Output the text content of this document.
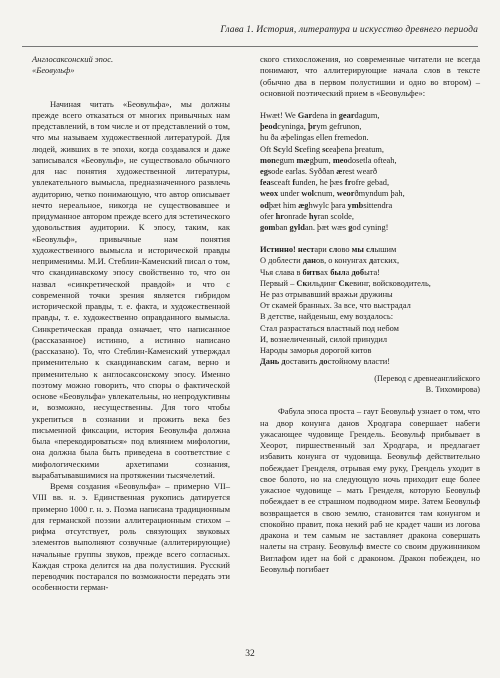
Глава 1. История, литература и искусство древнего периода

Англосаксонский эпос.

«Беовульф»

Начиная читать «Беовульфа», мы должны прежде всего отказаться от многих привычных нам представлений, в том числе и от представлений о том, что мы называем художественной литературой. Для людей, живших в те эпохи, когда создавался и даже записывался «Беовульф», не существовало обычного для нас понятия художественной литературы, увлекательного вымысла, предназначенного развлечь аудиторию, четко понимающую, что автор описывает нечто нереальное, никогда не существовавшее и придуманное автором прежде всего для эстетического удовольствия аудитории. К эпосу, таким, как «Беовульф», привычные нам понятия художественного вымысла и исторической правды неприменимы. М.И. Стеблин-Каменский писал о том, что скандинавскому эпосу свойственно то, что он назвал «синкретической правдой» и что с современной точки зрения является гибридом исторической правды, т. е. факта, и художественной правды, т. е. художественно оправданного вымысла. Синкретическая правда означает, что написанное (рассказанное) истинно, а истинно написано (рассказано). То, что Стеблин-Каменский утверждал применительно к скандинавским сагам, верно и применительно к англосаксонскому эпосу. Именно поэтому можно говорить, что споры о фактической основе «Беовульфа» увлекательны, но непродуктивны и, возможно, несущественны. Для того чтобы укрепиться в сознании и прожить века без письменной фиксации, история Беовульфа должна была «перекодироваться» под влиянием мифологии, она должна была быть приведена в соответствие с мифологическими архетипами сознания, вырабатывавшимися на протяжении тысячелетий.

Время создания «Беовульфа» – примерно VII–VIII вв. н. э. Единственная рукопись датируется примерно 1000 г. н. э. Поэма написана традиционным для германской поэзии аллитерационным стихом – рифма отсутствует, роль связующих звуковых элементов выполняют созвучные (аллитерирующие) начальные группы звуков, прежде всего согласных. Каждая строка делится на два полустишия. Русский переводчик постарался по возможности передать эти особенности герман-

ского стихосложения, но современные читатели не всегда понимают, что аллитерирующие начала слов в тексте (обычно два в первом полустишии и одно во втором) – основной поэтический прием в «Беовульфе»:

Hwæt! We Gardena in geardagum,
þeodcyninga, þrym gefrunon,
hu ða æþelingas ellen fremedon.
Oft Scyld Scefing sceaþena þreatum,
monegum mægþum, meodosetla ofteah,
egsode earlas. Syððan ærest wearð
feasceaft funden, he þæs frofre gebad,
weox under wolcnum, weorðmyndum þah,
odþæt him æghwylc þara ymbsittendra
ofer hronrade hyran scolde,
gomban gyldan. þæt wæs god cyning!
Истинно! нестари слово мы слышим
О доблести данов, о конунгах датских,
Чья слава в битвах была добыта!
Первый – Скильдинг Скевинг, войсководитель,
Не раз отрывавший вражьи дружины
От скамей бранных. За все, что выстрадал
В детстве, найденыш, ему воздалось:
Стал разрастаться властный под небом
И, вознеличенный, силой принудил
Народы заморья дорогой китов
Дань доставить достойному власти!

(Перевод с древнеанглийского
В. Тихомирова)

Фабула эпоса проста – гаут Беовульф узнает о том, что на двор конунга данов Хродгара совершает набеги ужасающее чудовище Грендель. Беовульф прибывает в Хеорот, пиршественный зал Хродгара, и предлагает избавить конунга от чудовища. Беовульф действительно побеждает Гренделя, отрывая ему руку, Грендель уходит в свое болото, но на следующую ночь приходит еще более ужасное чудовище – мать Гренделя, которую Беовульф побеждает в ее страшном подводном мире. Затем Беовульф возвращается в свою землю, становится там конунгом и спокойно правит, пока некий раб не крадет чаши из логова дракона и тем самым не заставляет дракона совершать налеты на страну. Беовульф вместе со своим дружинником Виглафом идет на бой с драконом. Дракон побежден, но Беовульф погибает

32
